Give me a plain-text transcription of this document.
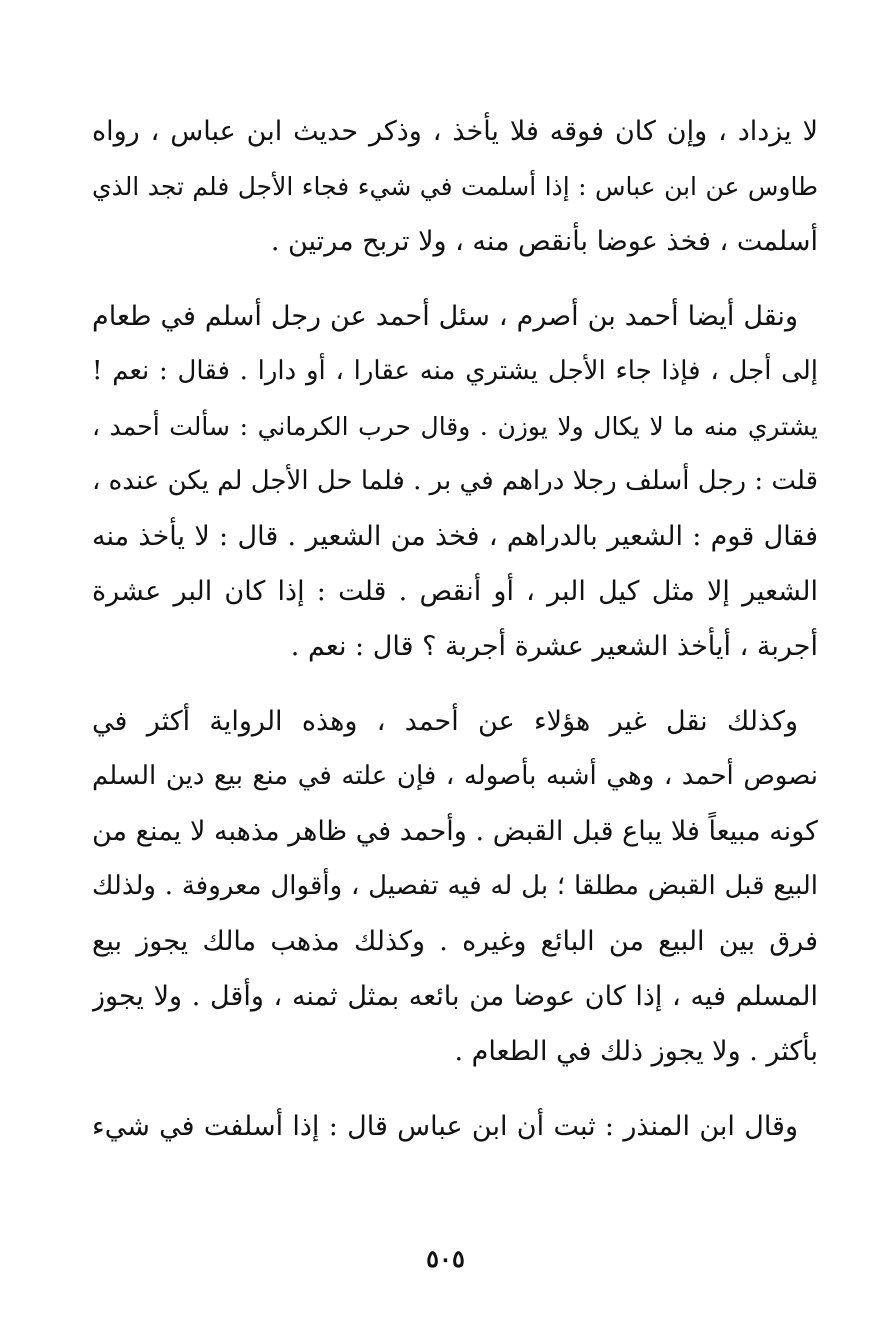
لا يزداد ، وإن كان فوقه فلا يأخذ ، وذكر حديث ابن عباس ، رواه
طاوس عن ابن عباس : إذا أسلمت في شيء فجاء الأجل فلم تجد الذي
أسلمت ، فخذ عوضا بأنقص منه ، ولا تربح مرتين .
ونقل أيضا أحمد بن أصرم ، سئل أحمد عن رجل أسلم في طعام
إلى أجل ، فإذا جاء الأجل يشتري منه عقارا ، أو دارا . فقال : نعم !
يشتري منه ما لا يكال ولا يوزن . وقال حرب الكرماني : سألت أحمد ،
قلت : رجل أسلف رجلا دراهم في بر . فلما حل الأجل لم يكن عنده ،
فقال قوم : الشعير بالدراهم ، فخذ من الشعير . قال : لا يأخذ منه
الشعير إلا مثل كيل البر ، أو أنقص . قلت : إذا كان البر عشرة
أجربة ، أيأخذ الشعير عشرة أجربة ؟ قال : نعم .
وكذلك نقل غير هؤلاء عن أحمد ، وهذه الرواية أكثر في
نصوص أحمد ، وهي أشبه بأصوله ، فإن علته في منع بيع دين السلم
كونه مبيعاً فلا يباع قبل القبض . وأحمد في ظاهر مذهبه لا يمنع من
البيع قبل القبض مطلقا ؛ بل له فيه تفصيل ، وأقوال معروفة . ولذلك
فرق بين البيع من البائع وغيره . وكذلك مذهب مالك يجوز بيع
المسلم فيه ، إذا كان عوضا من بائعه بمثل ثمنه ، وأقل . ولا يجوز
بأكثر . ولا يجوز ذلك في الطعام .
وقال ابن المنذر : ثبت أن ابن عباس قال : إذا أسلفت في شيء
٥٠٥
